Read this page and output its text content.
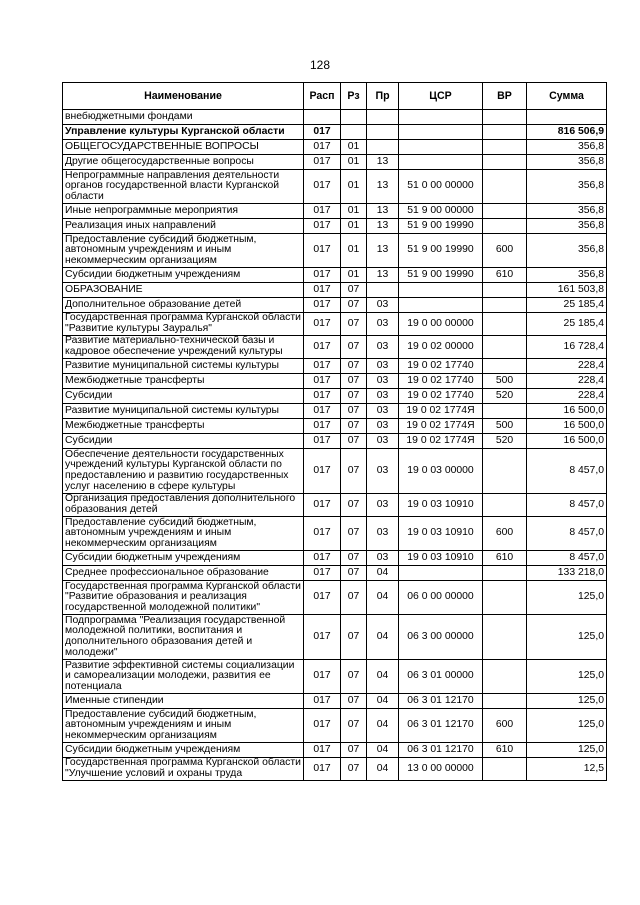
128
Наименование	Расп	Рз	Пр	ЦСР	ВР	Сумма
внебюджетными фондами						
Управление культуры Курганской области	017					816 506,9
ОБЩЕГОСУДАРСТВЕННЫЕ ВОПРОСЫ	017	01				356,8
Другие общегосударственные вопросы	017	01	13			356,8
Непрограммные направления деятельности органов государственной власти Курганской области	017	01	13	51 0 00 00000		356,8
Иные непрограммные мероприятия	017	01	13	51 9 00 00000		356,8
Реализация иных направлений	017	01	13	51 9 00 19990		356,8
Предоставление субсидий бюджетным, автономным учреждениям и иным некоммерческим организациям	017	01	13	51 9 00 19990	600	356,8
Субсидии бюджетным учреждениям	017	01	13	51 9 00 19990	610	356,8
ОБРАЗОВАНИЕ	017	07				161 503,8
Дополнительное образование детей	017	07	03			25 185,4
Государственная программа Курганской области "Развитие культуры Зауралья"	017	07	03	19 0 00 00000		25 185,4
Развитие материально-технической базы и кадровое обеспечение учреждений культуры	017	07	03	19 0 02 00000		16 728,4
Развитие муниципальной системы культуры	017	07	03	19 0 02 17740		228,4
Межбюджетные трансферты	017	07	03	19 0 02 17740	500	228,4
Субсидии	017	07	03	19 0 02 17740	520	228,4
Развитие муниципальной системы культуры	017	07	03	19 0 02 1774Я		16 500,0
Межбюджетные трансферты	017	07	03	19 0 02 1774Я	500	16 500,0
Субсидии	017	07	03	19 0 02 1774Я	520	16 500,0
Обеспечение деятельности государственных учреждений культуры Курганской области по предоставлению и развитию государственных услуг населению в сфере культуры	017	07	03	19 0 03 00000		8 457,0
Организация предоставления дополнительного образования детей	017	07	03	19 0 03 10910		8 457,0
Предоставление субсидий бюджетным, автономным учреждениям и иным некоммерческим организациям	017	07	03	19 0 03 10910	600	8 457,0
Субсидии бюджетным учреждениям	017	07	03	19 0 03 10910	610	8 457,0
Среднее профессиональное образование	017	07	04			133 218,0
Государственная программа Курганской области "Развитие образования и реализация государственной молодежной политики"	017	07	04	06 0 00 00000		125,0
Подпрограмма "Реализация государственной молодежной политики, воспитания и дополнительного образования детей и молодежи"	017	07	04	06 3 00 00000		125,0
Развитие эффективной системы социализации и самореализации молодежи, развития ее потенциала	017	07	04	06 3 01 00000		125,0
Именные стипендии	017	07	04	06 3 01 12170		125,0
Предоставление субсидий бюджетным, автономным учреждениям и иным некоммерческим организациям	017	07	04	06 3 01 12170	600	125,0
Субсидии бюджетным учреждениям	017	07	04	06 3 01 12170	610	125,0
Государственная программа Курганской области "Улучшение условий и охраны труда	017	07	04	13 0 00 00000		12,5
